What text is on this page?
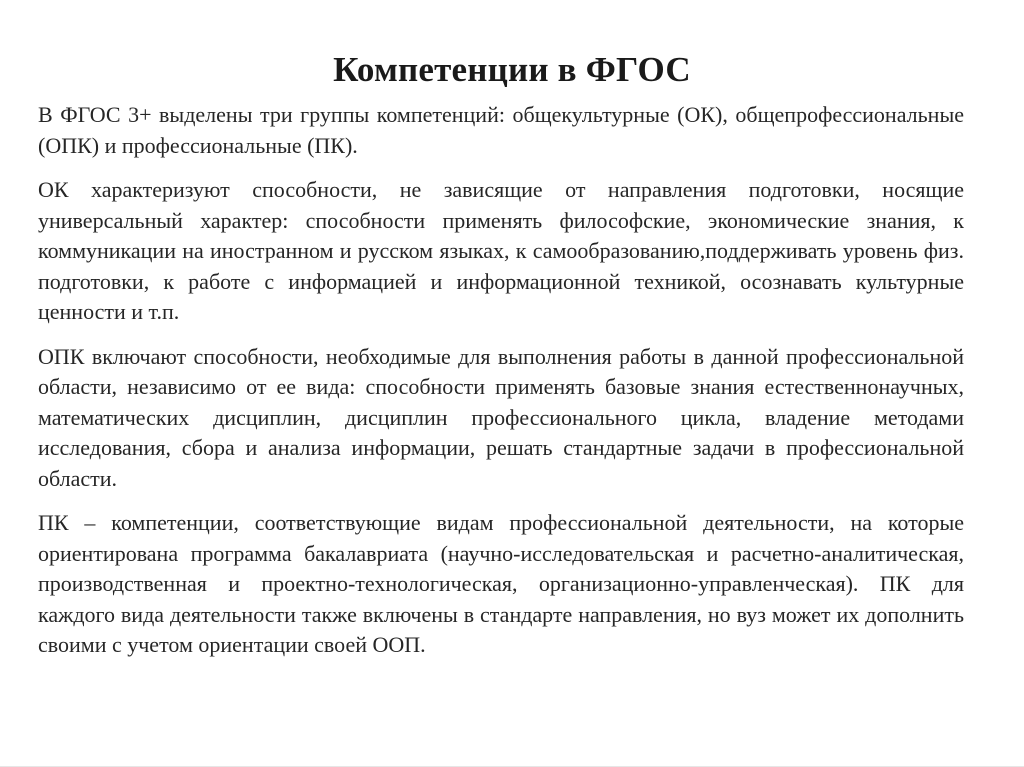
Компетенции в ФГОС

В ФГОС 3+ выделены три группы компетенций: общекультурные (ОК), общепрофессиональные (ОПК) и профессиональные (ПК).

ОК характеризуют способности, не зависящие от направления подготовки, носящие универсальный характер: способности применять философские, экономические знания, к коммуникации на иностранном и русском языках, к самообразованию,поддерживать уровень физ. подготовки, к работе с информацией и информационной техникой, осознавать культурные ценности и т.п.

ОПК включают способности, необходимые для выполнения работы в данной профессиональной области, независимо от ее вида: способности применять базовые знания естественнонаучных, математических дисциплин, дисциплин профессионального цикла, владение методами исследования, сбора и анализа информации, решать стандартные задачи в профессиональной области.

ПК – компетенции, соответствующие видам профессиональной деятельности, на которые ориентирована программа бакалавриата (научно-исследовательская и расчетно-аналитическая, производственная и проектно-технологическая, организационно-управленческая). ПК для каждого вида деятельности также включены в стандарте направления, но вуз может их дополнить своими с учетом ориентации своей ООП.
